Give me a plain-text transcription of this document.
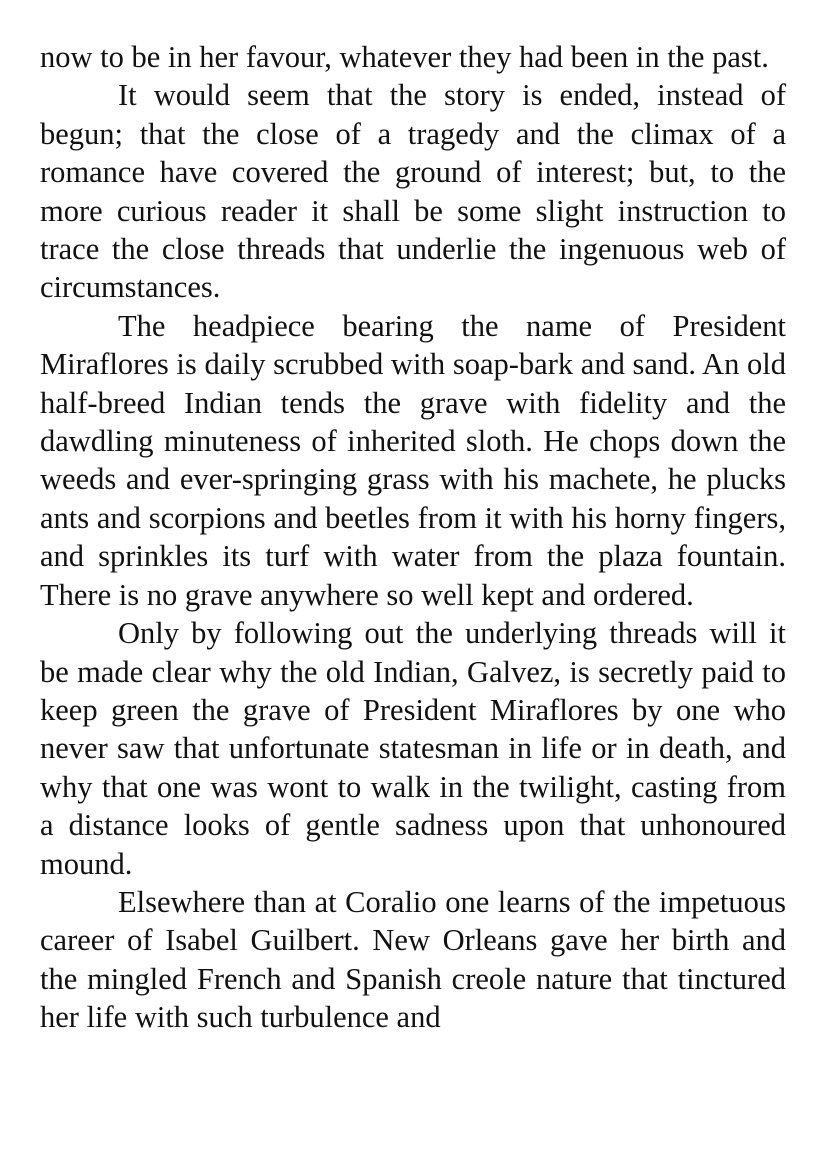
now to be in her favour, whatever they had been in the past.

It would seem that the story is ended, instead of begun; that the close of a tragedy and the climax of a romance have covered the ground of interest; but, to the more curious reader it shall be some slight instruction to trace the close threads that underlie the ingenuous web of circumstances.

The headpiece bearing the name of President Miraflores is daily scrubbed with soap-bark and sand. An old half-breed Indian tends the grave with fidelity and the dawdling minuteness of inherited sloth. He chops down the weeds and ever-springing grass with his machete, he plucks ants and scorpions and beetles from it with his horny fingers, and sprinkles its turf with water from the plaza fountain. There is no grave anywhere so well kept and ordered.

Only by following out the underlying threads will it be made clear why the old Indian, Galvez, is secretly paid to keep green the grave of President Miraflores by one who never saw that unfortunate statesman in life or in death, and why that one was wont to walk in the twilight, casting from a distance looks of gentle sadness upon that unhonoured mound.

Elsewhere than at Coralio one learns of the impetuous career of Isabel Guilbert. New Orleans gave her birth and the mingled French and Spanish creole nature that tinctured her life with such turbulence and
